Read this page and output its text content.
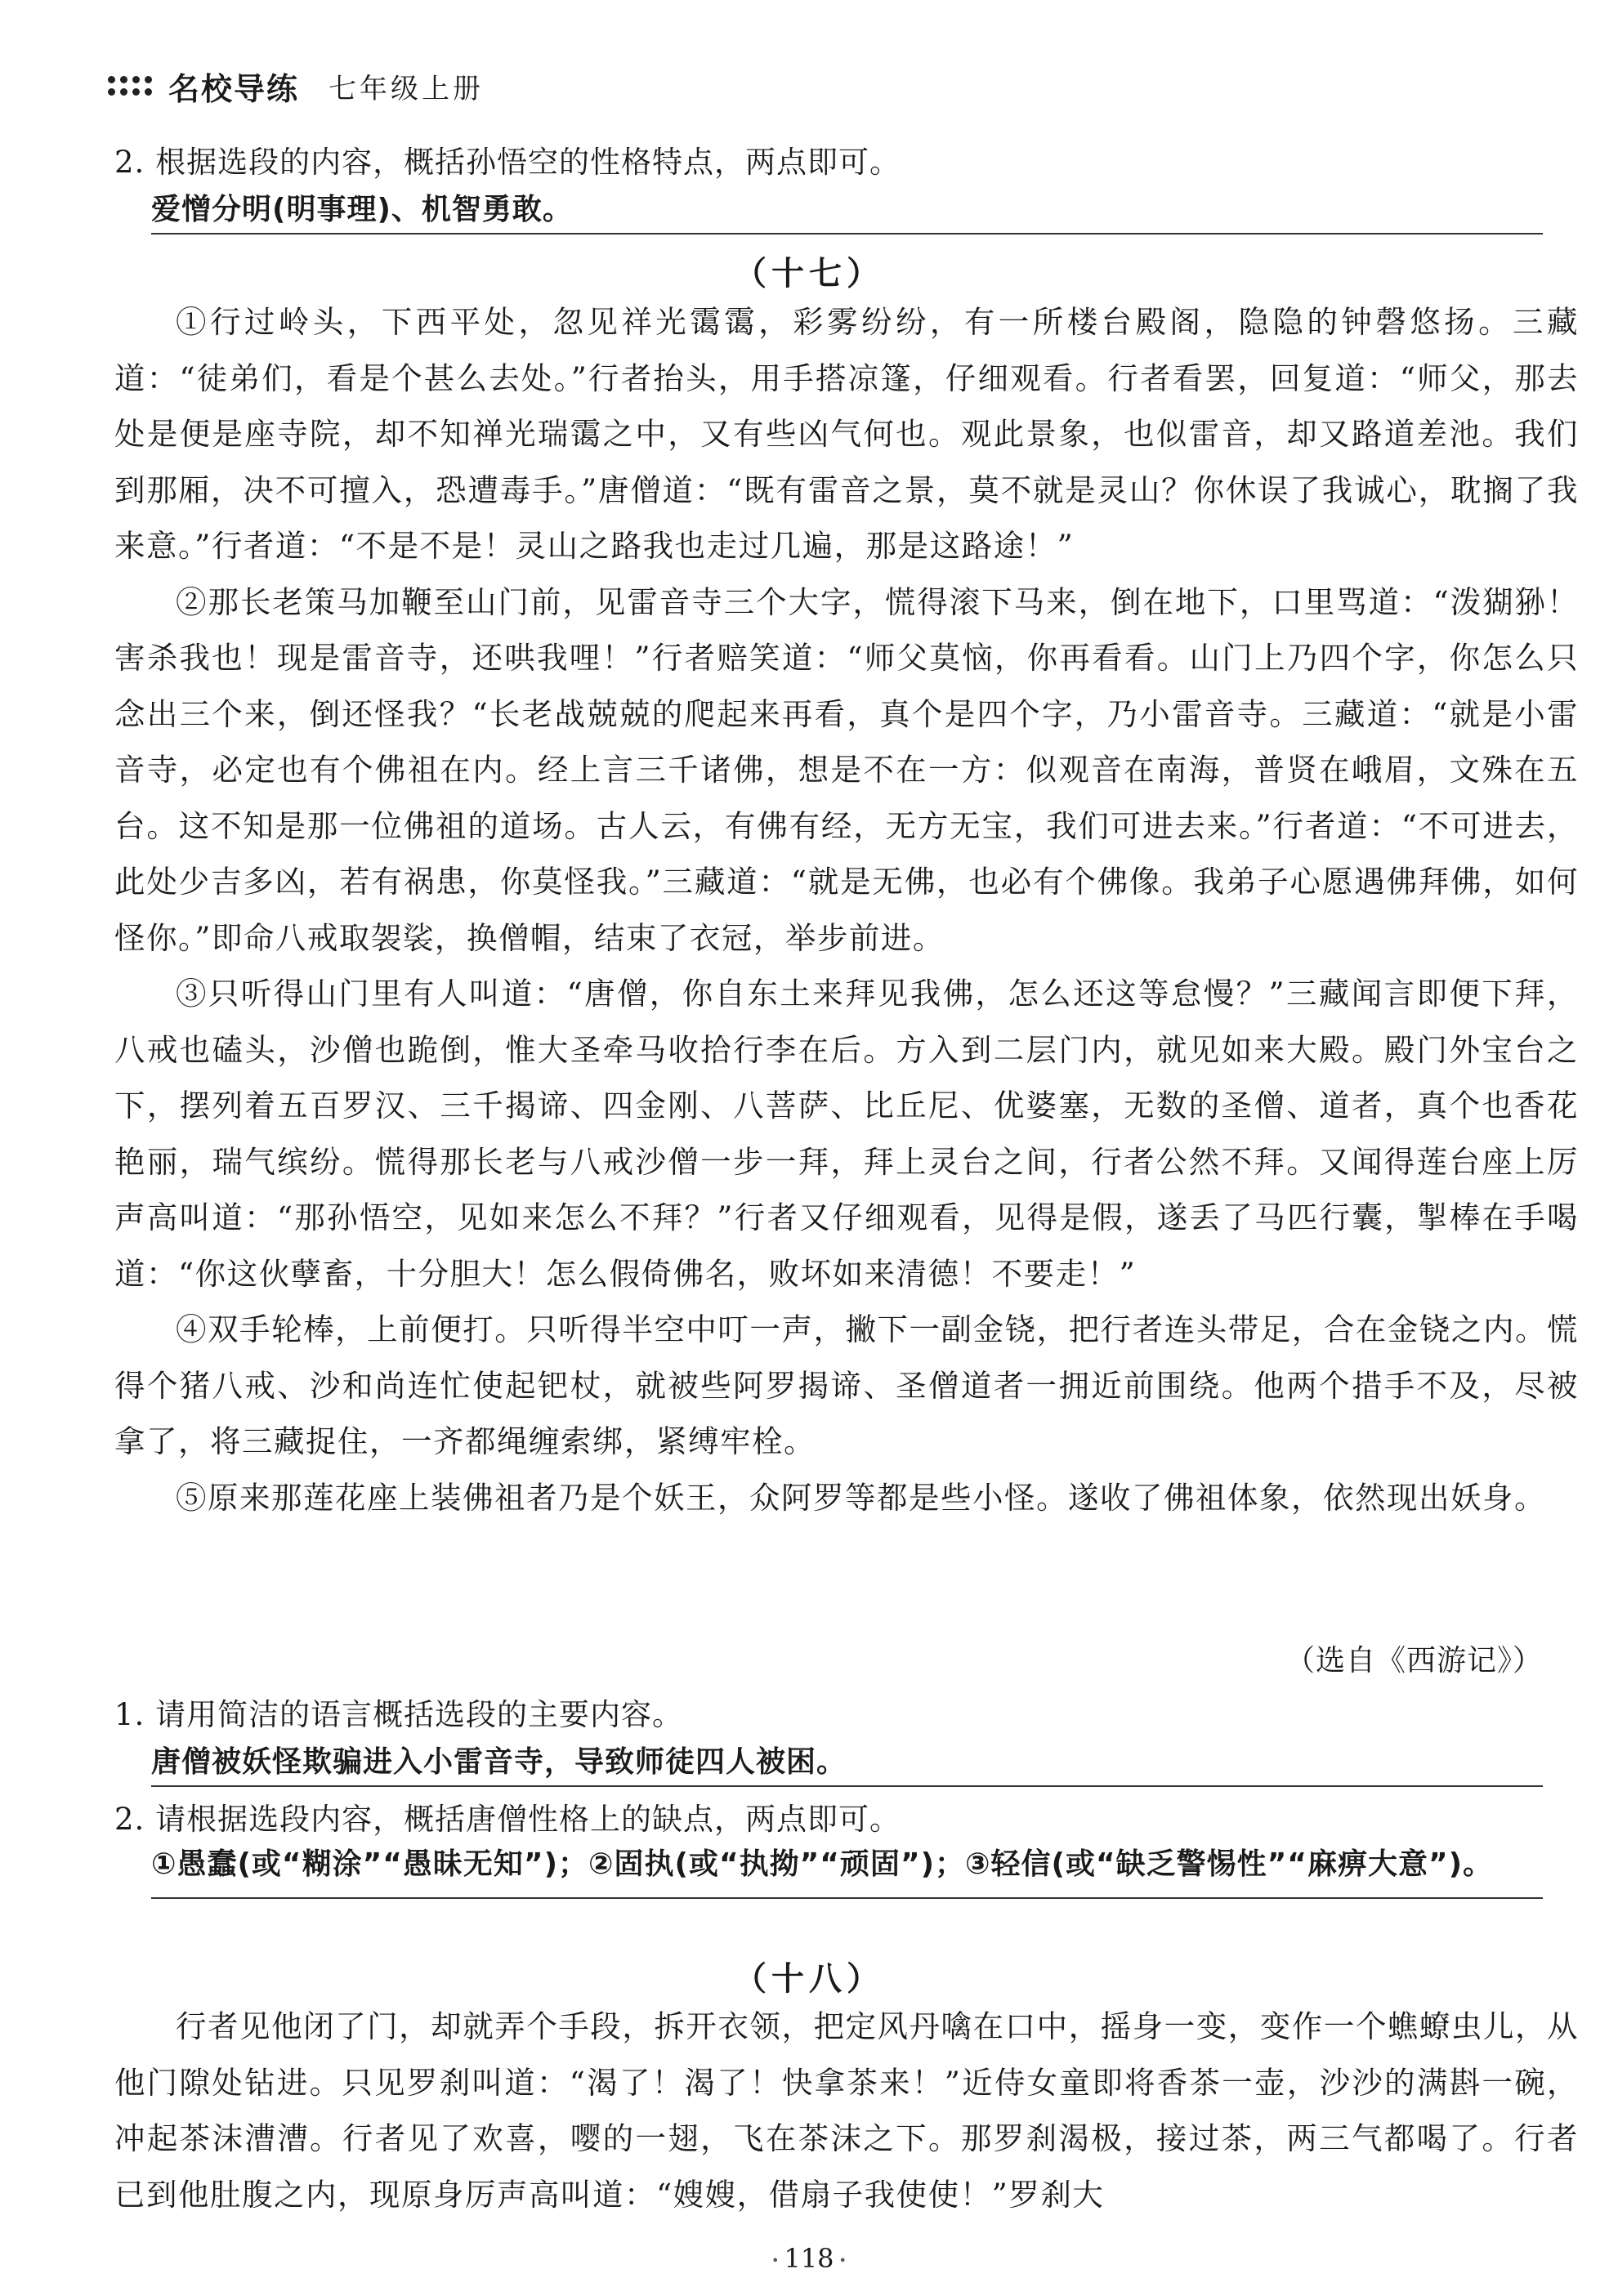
名校导练 七年级上册
2. 根据选段的内容，概括孙悟空的性格特点，两点即可。
爱憎分明(明事理)、机智勇敢。
（十七）

①行过岭头，下西平处，忽见祥光霭霭，彩雾纷纷，有一所楼台殿阁，隐隐的钟磬悠扬。三藏道：“徒弟们，看是个甚么去处。”行者抬头，用手搭凉篷，仔细观看。行者看罢，回复道：“师父，那去处是便是座寺院，却不知禅光瑞霭之中，又有些凶气何也。观此景象，也似雷音，却又路道差池。我们到那厢，决不可擅入，恐遭毒手。”唐僧道：“既有雷音之景，莫不就是灵山？你休误了我诚心，耽搁了我来意。”行者道：“不是不是！灵山之路我也走过几遍，那是这路途！”

②那长老策马加鞭至山门前，见雷音寺三个大字，慌得滚下马来，倒在地下，口里骂道：“泼猢狲！害杀我也！现是雷音寺，还哄我哩！”行者赔笑道：“师父莫恼，你再看看。山门上乃四个字，你怎么只念出三个来，倒还怪我？“长老战兢兢的爬起来再看，真个是四个字，乃小雷音寺。三藏道：“就是小雷音寺，必定也有个佛祖在内。经上言三千诸佛，想是不在一方：似观音在南海，普贤在峨眉，文殊在五台。这不知是那一位佛祖的道场。古人云，有佛有经，无方无宝，我们可进去来。”行者道：“不可进去，此处少吉多凶，若有祸患，你莫怪我。”三藏道：“就是无佛，也必有个佛像。我弟子心愿遇佛拜佛，如何怪你。”即命八戒取袈裟，换僧帽，结束了衣冠，举步前进。

③只听得山门里有人叫道：“唐僧，你自东土来拜见我佛，怎么还这等怠慢？”三藏闻言即便下拜，八戒也磕头，沙僧也跪倒，惟大圣牵马收拾行李在后。方入到二层门内，就见如来大殿。殿门外宝台之下，摆列着五百罗汉、三千揭谛、四金刚、八菩萨、比丘尼、优婆塞，无数的圣僧、道者，真个也香花艳丽，瑞气缤纷。慌得那长老与八戒沙僧一步一拜，拜上灵台之间，行者公然不拜。又闻得莲台座上厉声高叫道：“那孙悟空，见如来怎么不拜？”行者又仔细观看，见得是假，遂丢了马匹行囊，掣棒在手喝道：“你这伙孽畜，十分胆大！怎么假倚佛名，败坏如来清德！不要走！”

④双手轮棒，上前便打。只听得半空中叮一声，撇下一副金铙，把行者连头带足，合在金铙之内。慌得个猪八戒、沙和尚连忙使起钯杖，就被些阿罗揭谛、圣僧道者一拥近前围绕。他两个措手不及，尽被拿了，将三藏捉住，一齐都绳缠索绑，紧缚牢栓。

⑤原来那莲花座上装佛祖者乃是个妖王，众阿罗等都是些小怪。遂收了佛祖体象，依然现出妖身。

（选自《西游记》）
1. 请用简洁的语言概括选段的主要内容。
唐僧被妖怪欺骗进入小雷音寺，导致师徒四人被困。
2. 请根据选段内容，概括唐僧性格上的缺点，两点即可。
①愚蠢(或“糊涂”“愚昧无知”)；②固执(或“执拗”“顽固”)；③轻信(或“缺乏警惕性”“麻痹大意”)。
（十八）

行者见他闭了门，却就弄个手段，拆开衣领，把定风丹噙在口中，摇身一变，变作一个蟭蟟虫儿，从他门隙处钻进。只见罗刹叫道：“渴了！渴了！快拿茶来！”近侍女童即将香茶一壶，沙沙的满斟一碗，冲起茶沫漕漕。行者见了欢喜，嘤的一翅，飞在茶沫之下。那罗刹渴极，接过茶，两三气都喝了。行者已到他肚腹之内，现原身厉声高叫道：“嫂嫂，借扇子我使使！”罗刹大

• 118 •
